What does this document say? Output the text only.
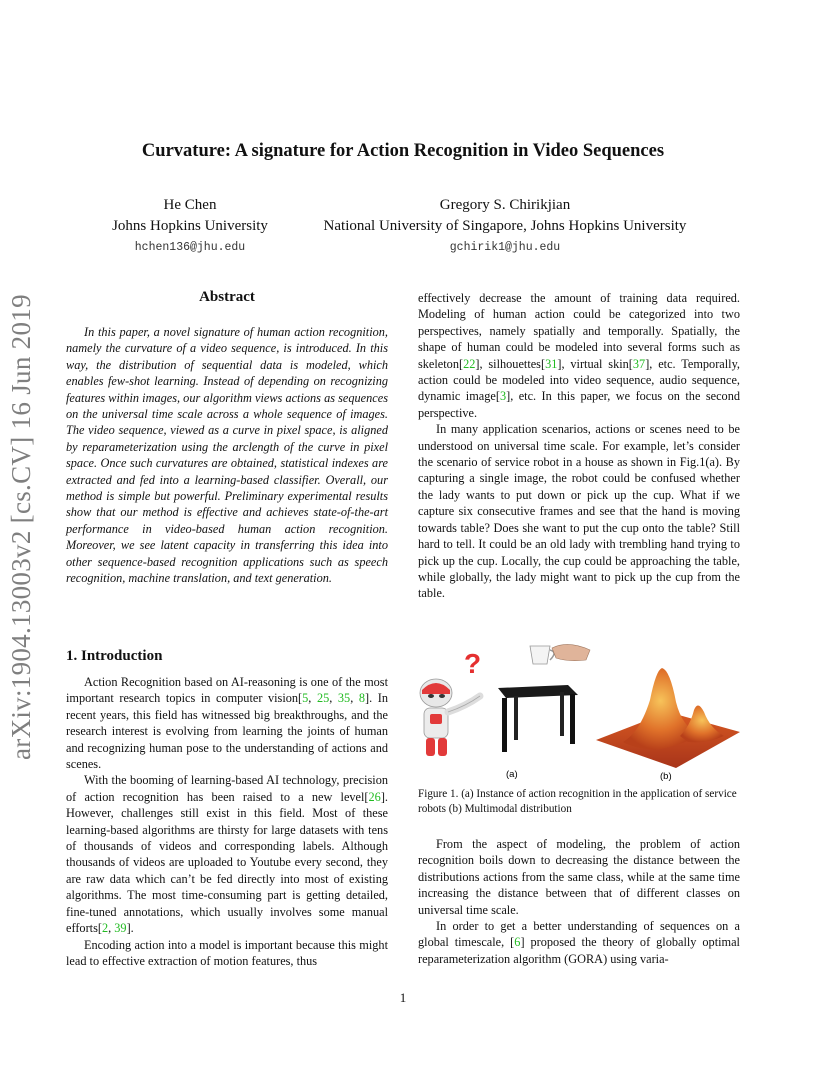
arXiv:1904.13003v2 [cs.CV] 16 Jun 2019
Curvature: A signature for Action Recognition in Video Sequences
He Chen
Johns Hopkins University
hchen136@jhu.edu
Gregory S. Chirikjian
National University of Singapore, Johns Hopkins University
gchirik1@jhu.edu
Abstract
In this paper, a novel signature of human action recognition, namely the curvature of a video sequence, is introduced. In this way, the distribution of sequential data is modeled, which enables few-shot learning. Instead of depending on recognizing features within images, our algorithm views actions as sequences on the universal time scale across a whole sequence of images. The video sequence, viewed as a curve in pixel space, is aligned by reparameterization using the arclength of the curve in pixel space. Once such curvatures are obtained, statistical indexes are extracted and fed into a learning-based classifier. Overall, our method is simple but powerful. Preliminary experimental results show that our method is effective and achieves state-of-the-art performance in video-based human action recognition. Moreover, we see latent capacity in transferring this idea into other sequence-based recognition applications such as speech recognition, machine translation, and text generation.
1. Introduction

Action Recognition based on AI-reasoning is one of the most important research topics in computer vision[5, 25, 35, 8]. In recent years, this field has witnessed big breakthroughs, and the research interest is evolving from learning the joints of human and recognizing human pose to the understanding of actions and scenes.

With the booming of learning-based AI technology, precision of action recognition has been raised to a new level[26]. However, challenges still exist in this field. Most of these learning-based algorithms are thirsty for large datasets with tens of thousands of videos and corresponding labels. Although thousands of videos are uploaded to Youtube every second, they are raw data which can’t be fed directly into most of existing algorithms. The most time-consuming part is getting detailed, fine-tuned annotations, which usually involves some manual efforts[2, 39].

Encoding action into a model is important because this might lead to effective extraction of motion features, thus

effectively decrease the amount of training data required. Modeling of human action could be categorized into two perspectives, namely spatially and temporally. Spatially, the shape of human could be modeled into several forms such as skeleton[22], silhouettes[31], virtual skin[37], etc. Temporally, action could be modeled into video sequence, audio sequence, dynamic image[3], etc. In this paper, we focus on the second perspective.

In many application scenarios, actions or scenes need to be understood on universal time scale. For example, let’s consider the scenario of service robot in a house as shown in Fig.1(a). By capturing a single image, the robot could be confused whether the lady wants to put down or pick up the cup. What if we capture six consecutive frames and see that the hand is moving towards table? Does she want to put the cup onto the table? Still hard to tell. It could be an old lady with trembling hand trying to pick up the cup. Locally, the cup could be approaching the table, while globally, the lady might want to pick up the cup from the table.

?
(a)	(b)
Figure 1. (a) Instance of action recognition in the application of service robots (b) Multimodal distribution

From the aspect of modeling, the problem of action recognition boils down to decreasing the distance between the distributions actions from the same class, while at the same time increasing the distance between that of different classes on universal time scale.

In order to get a better understanding of sequences on a global timescale, [6] proposed the theory of globally optimal reparameterization algorithm (GORA) using varia-

1
